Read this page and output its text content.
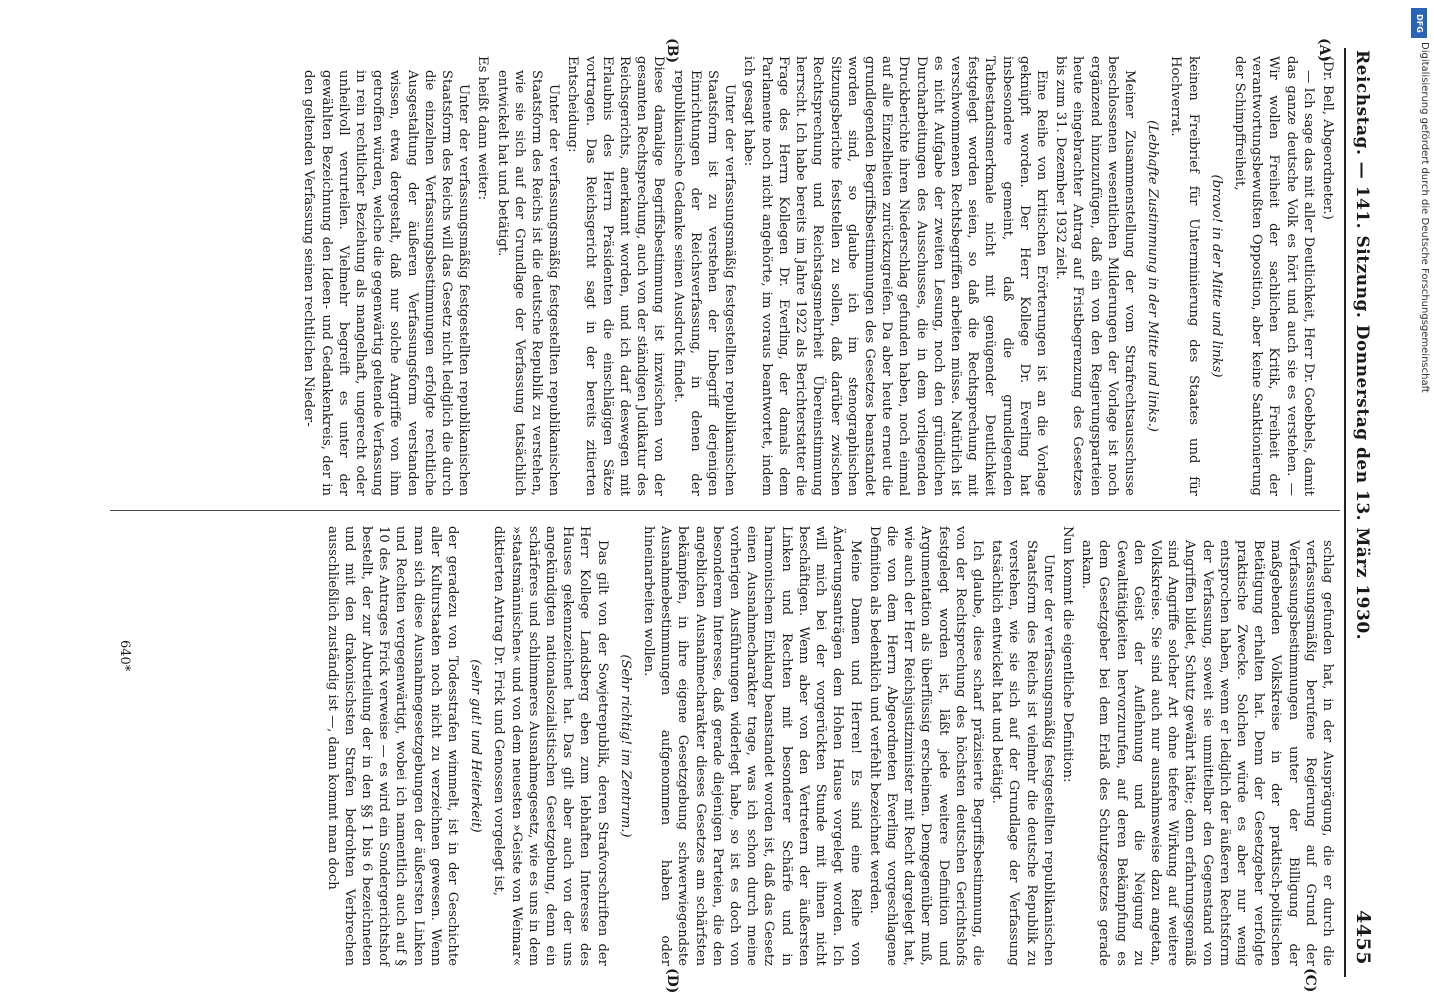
Reichstag. — 141. Sitzung. Donnerstag den 13. März 1930.
4455
(A)
(B)
(C)
(D)

(Dr. Bell, Abgeordneter.)

— Ich sage das mit aller Deutlichkeit, Herr Dr. Goebbels, damit das ganze deutsche Volk es hört und auch sie es verstehen. — Wir wollen Freiheit der sachlichen Kritik, Freiheit der verantwortungsbewußten Opposition, aber keine Sanktionierung der Schimpffreiheit,

(bravo! in der Mitte und links)

keinen Freibrief für Unterminierung des Staates und für Hochverrat.

(Lebhafte Zustimmung in der Mitte und links.)

Meiner Zusammenstellung der vom Strafrechtsausschusse beschlossenen wesentlichen Milderungen der Vorlage ist noch ergänzend hinzuzufügen, daß ein von den Regierungsparteien heute eingebrachter Antrag auf Fristbegrenzung des Gesetzes bis zum 31. Dezember 1932 zielt.

Eine Reihe von kritischen Erörterungen ist an die Vorlage geknüpft worden. Der Herr Kollege Dr. Everling hat insbesondere gemeint, daß die grundlegenden Tatbestandsmerkmale nicht mit genügender Deutlichkeit festgelegt worden seien, so daß die Rechtsprechung mit verschwommenen Rechtsbegriffen arbeiten müsse. Natürlich ist es nicht Aufgabe der zweiten Lesung, noch den gründlichen Durcharbeitungen des Ausschusses, die in dem vorliegenden Druckberichte ihren Niederschlag gefunden haben, noch einmal auf alle Einzelheiten zurückzugreifen. Da aber heute erneut die grundlegenden Begriffsbestimmungen des Gesetzes beanstandet worden sind, so glaube ich im stenographischen Sitzungsberichte feststellen zu sollen, daß darüber zwischen Rechtsprechung und Reichstagsmehrheit Übereinstimmung herrscht. Ich habe bereits im Jahre 1922 als Berichterstatter die Frage des Herrn Kollegen Dr. Everling, der damals dem Parlamente noch nicht angehörte, im voraus beantwortet, indem ich gesagt habe:

Unter der verfassungsmäßig festgestellten republikanischen Staatsform ist zu verstehen der Inbegriff derjenigen Einrichtungen der Reichsverfassung, in denen der republikanische Gedanke seinen Ausdruck findet.

Diese damalige Begriffsbestimmung ist inzwischen von der gesamten Rechtsprechung, auch von der ständigen Judikatur des Reichsgerichts, anerkannt worden, und ich darf deswegen mit Erlaubnis des Herrn Präsidenten die einschlägigen Sätze vortragen. Das Reichsgericht sagt in der bereits zitierten Entscheidung:

Unter der verfassungsmäßig festgestellten republikanischen Staatsform des Reichs ist die deutsche Republik zu verstehen, wie sie sich auf der Grundlage der Verfassung tatsächlich entwickelt hat und betätigt.

Es heißt dann weiter:

Unter der verfassungsmäßig festgestellten republikanischen Staatsform des Reichs will das Gesetz nicht lediglich die durch die einzelnen Verfassungsbestimmungen erfolgte rechtliche Ausgestaltung der äußeren Verfassungsform verstanden wissen, etwa dergestalt, daß nur solche Angriffe von ihm getroffen würden, welche die gegenwärtig geltende Verfassung in rein rechtlicher Beziehung als mangelhaft, ungerecht oder unheilvoll verurteilen. Vielmehr begreift es unter der gewählten Bezeichnung den Ideen- und Gedankenkreis, der in den geltenden Verfassung seinen rechtlichen Nieder-

schlag gefunden hat, in der Ausprägung, die er durch die verfassungsmäßig berufene Regierung auf Grund der Verfassungsbestimmungen unter der Billigung der maßgebenden Volkskreise in der praktisch-politischen Betätigung erhalten hat. Denn der Gesetzgeber verfolgte praktische Zwecke. Solchen würde es aber nur wenig entsprochen haben, wenn er lediglich der äußeren Rechtsform der Verfassung, soweit sie unmittelbar den Gegenstand von Angriffen bildet, Schutz gewährt hätte; denn erfahrungsgemäß sind Angriffe solcher Art ohne tiefere Wirkung auf weitere Volkskreise. Sie sind auch nur ausnahmsweise dazu angetan, den Geist der Auflehnung und die Neigung zu Gewalttätigkeiten hervorzurufen, auf deren Bekämpfung es dem Gesetzgeber bei dem Erlaß des Schutzgesetzes gerade ankam.

Nun kommt die eigentliche Definition:

Unter der verfassungsmäßig festgestellten republikanischen Staatsform des Reichs ist vielmehr die deutsche Republik zu verstehen, wie sie sich auf der Grundlage der Verfassung tatsächlich entwickelt hat und betätigt.

Ich glaube, diese scharf präzisierte Begriffsbestimmung, die von der Rechtsprechung des höchsten deutschen Gerichtshofs festgelegt worden ist, läßt jede weitere Definition und Argumentation als überflüssig erscheinen. Demgegenüber muß, wie auch der Herr Reichsjustizminister mit Recht dargelegt hat, die von dem Herrn Abgeordneten Everling vorgeschlagene Definition als bedenklich und verfehlt bezeichnet werden.

Meine Damen und Herren! Es sind eine Reihe von Änderungsanträgen dem Hohen Hause vorgelegt worden. Ich will mich bei der vorgerückten Stunde mit ihnen nicht beschäftigen. Wenn aber von den Vertretern der äußersten Linken und Rechten mit besonderer Schärfe und in harmonischem Einklang beanstandet worden ist, daß das Gesetz einen Ausnahmecharakter trage, was ich schon durch meine vorherigen Ausführungen widerlegt habe, so ist es doch von besonderem Interesse, daß gerade diejenigen Parteien, die den angeblichen Ausnahmecharakter dieses Gesetzes am schärfsten bekämpfen, in ihre eigene Gesetzgebung schwerwiegendste Ausnahmebestimmungen aufgenommen haben oder hineinarbeiten wollen.

(Sehr richtig! im Zentrum.)

Das gilt von der Sowjetrepublik, deren Strafvorschriften der Herr Kollege Landsberg eben zum lebhaften Interesse des Hauses gekennzeichnet hat. Das gilt aber auch von der uns angekündigten nationalsozialistischen Gesetzgebung, denn ein schärferes und schlimmeres Ausnahmegesetz, wie es uns in dem »staatsmännischen« und von dem neuesten »Geiste von Weimar« diktierten Antrag Dr. Frick und Genossen vorgelegt ist,

(sehr gut! und Heiterkeit)

der geradezu von Todesstrafen wimmelt, ist in der Geschichte aller Kulturstaaten noch nicht zu verzeichnen gewesen. Wenn man sich diese Ausnahmegesetzgebungen der äußersten Linken und Rechten vergegenwärtigt, wobei ich namentlich auch auf § 10 des Antrages Frick verweise — es wird ein Sondergerichtshof bestellt, der zur Aburteilung der in den §§ 1 bis 6 bezeichneten und mit den drakonischsten Strafen bedrohten Verbrechen ausschließlich zuständig ist —, dann kommt man doch

640*
DFG
Digitalisierung gefördert durch die Deutsche Forschungsgemeinschaft
